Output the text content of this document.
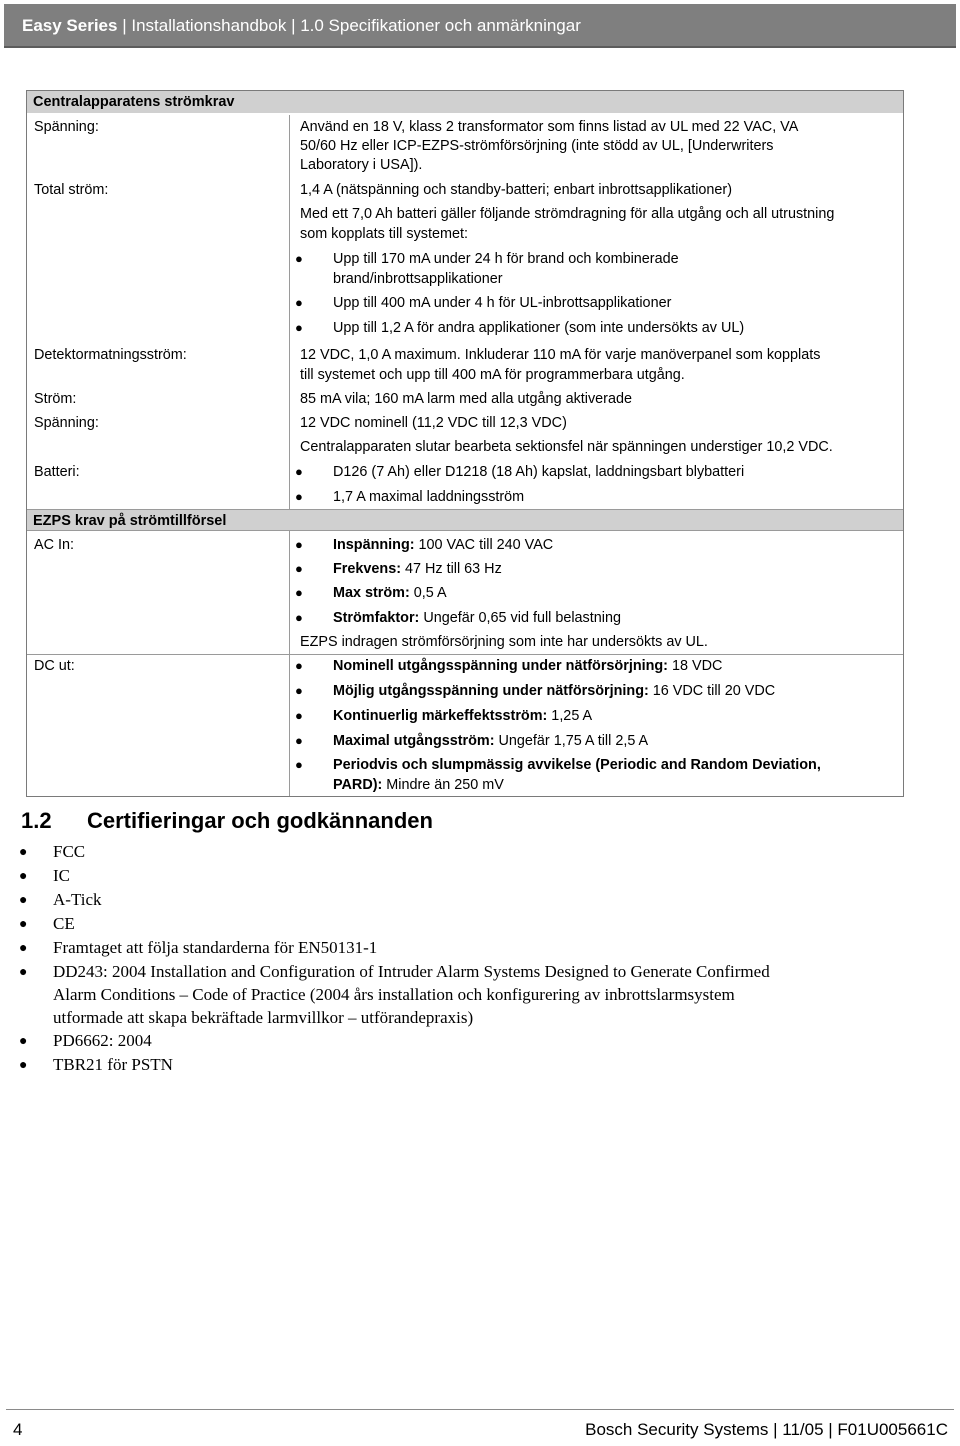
Easy Series | Installationshandbok | 1.0 Specifikationer och anmärkningar
Centralapparatens strömkrav
Spänning:	Använd en 18 V, klass 2 transformator som finns listad av UL med 22 VAC, VA
50/60 Hz eller ICP-EZPS-strömförsörjning (inte stödd av UL, [Underwriters
Laboratory i USA]).
Total ström:	1,4 A (nätspänning och standby-batteri; enbart inbrottsapplikationer)
Med ett 7,0 Ah batteri gäller följande strömdragning för alla utgång och all utrustning
som kopplats till systemet:
● Upp till 170 mA under 24 h för brand och kombinerade
brand/inbrottsapplikationer
● Upp till 400 mA under 4 h för UL-inbrottsapplikationer
● Upp till 1,2 A för andra applikationer (som inte undersökts av UL)
Detektormatningsström:	12 VDC, 1,0 A maximum. Inkluderar 110 mA för varje manöverpanel som kopplats
till systemet och upp till 400 mA för programmerbara utgång.
Ström:	85 mA vila; 160 mA larm med alla utgång aktiverade
Spänning:	12 VDC nominell (11,2 VDC till 12,3 VDC)
Centralapparaten slutar bearbeta sektionsfel när spänningen understiger 10,2 VDC.
Batteri:	● D126 (7 Ah) eller D1218 (18 Ah) kapslat, laddningsbart blybatteri
● 1,7 A maximal laddningsström
EZPS krav på strömtillförsel
AC In:	● Inspänning: 100 VAC till 240 VAC
● Frekvens: 47 Hz till 63 Hz
● Max ström: 0,5 A
● Strömfaktor: Ungefär 0,65 vid full belastning
EZPS indragen strömförsörjning som inte har undersökts av UL.
DC ut:	● Nominell utgångsspänning under nätförsörjning: 18 VDC
● Möjlig utgångsspänning under nätförsörjning: 16 VDC till 20 VDC
● Kontinuerlig märkeffektsström: 1,25 A
● Maximal utgångsström: Ungefär 1,75 A till 2,5 A
● Periodvis och slumpmässig avvikelse (Periodic and Random Deviation,
PARD): Mindre än 250 mV
1.2 Certifieringar och godkännanden
● FCC
● IC
● A-Tick
● CE
● Framtaget att följa standarderna för EN50131-1
● DD243: 2004 Installation and Configuration of Intruder Alarm Systems Designed to Generate Confirmed
Alarm Conditions – Code of Practice (2004 års installation och konfigurering av inbrottslarmsystem
utformade att skapa bekräftade larmvillkor – utförandepraxis)
● PD6662: 2004
● TBR21 för PSTN
4	Bosch Security Systems | 11/05 | F01U005661C
